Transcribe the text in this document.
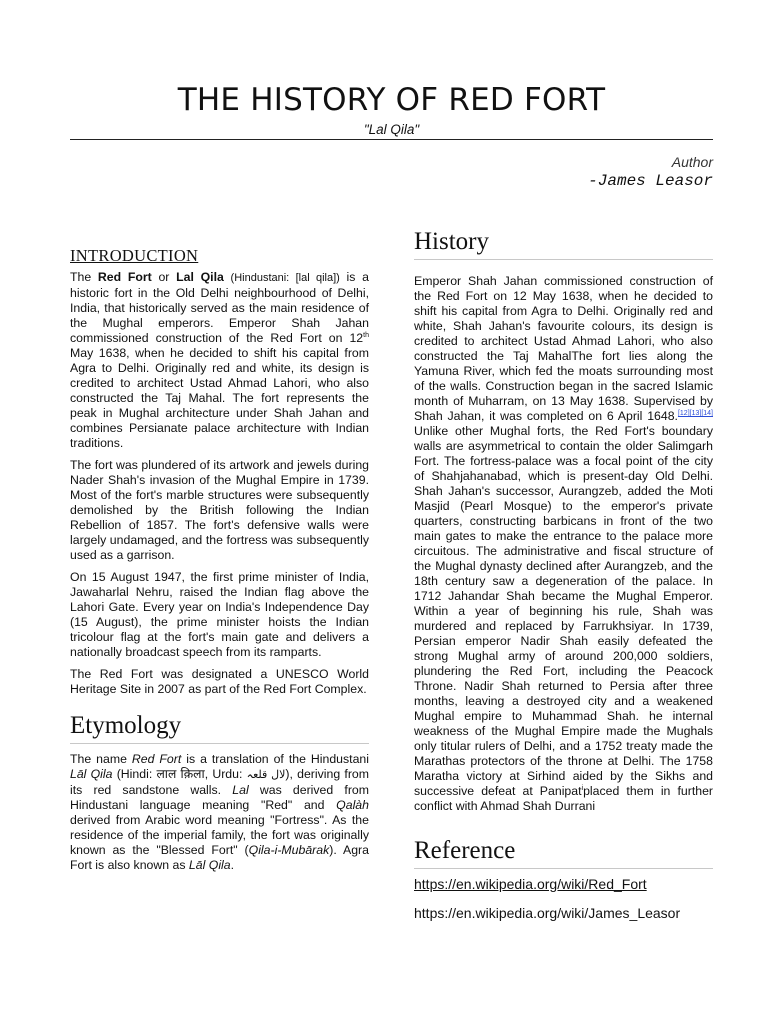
THE HISTORY OF RED FORT
"Lal Qila"
Author
-James Leasor
INTRODUCTION

The Red Fort or Lal Qila (Hindustani: [lal qila]) is a historic fort in the Old Delhi neighbourhood of Delhi, India, that historically served as the main residence of the Mughal emperors. Emperor Shah Jahan commissioned construction of the Red Fort on 12th May 1638, when he decided to shift his capital from Agra to Delhi. Originally red and white, its design is credited to architect Ustad Ahmad Lahori, who also constructed the Taj Mahal. The fort represents the peak in Mughal architecture under Shah Jahan and combines Persianate palace architecture with Indian traditions.

The fort was plundered of its artwork and jewels during Nader Shah's invasion of the Mughal Empire in 1739. Most of the fort's marble structures were subsequently demolished by the British following the Indian Rebellion of 1857. The fort's defensive walls were largely undamaged, and the fortress was subsequently used as a garrison.

On 15 August 1947, the first prime minister of India, Jawaharlal Nehru, raised the Indian flag above the Lahori Gate. Every year on India's Independence Day (15 August), the prime minister hoists the Indian tricolour flag at the fort's main gate and delivers a nationally broadcast speech from its ramparts.

The Red Fort was designated a UNESCO World Heritage Site in 2007 as part of the Red Fort Complex.

Etymology

The name Red Fort is a translation of the Hindustani Lāl Qila (Hindi: लाल क़िला, Urdu: لال قلعہ), deriving from its red sandstone walls. Lal was derived from Hindustani language meaning "Red" and Qalàh derived from Arabic word meaning "Fortress". As the residence of the imperial family, the fort was originally known as the "Blessed Fort" (Qila-i-Mubārak). Agra Fort is also known as Lāl Qila.

History

Emperor Shah Jahan commissioned construction of the Red Fort on 12 May 1638, when he decided to shift his capital from Agra to Delhi. Originally red and white, Shah Jahan's favourite colours, its design is credited to architect Ustad Ahmad Lahori, who also constructed the Taj MahalThe fort lies along the Yamuna River, which fed the moats surrounding most of the walls. Construction began in the sacred Islamic month of Muharram, on 13 May 1638. Supervised by Shah Jahan, it was completed on 6 April 1648.[12][13][14] Unlike other Mughal forts, the Red Fort's boundary walls are asymmetrical to contain the older Salimgarh Fort. The fortress-palace was a focal point of the city of Shahjahanabad, which is present-day Old Delhi. Shah Jahan's successor, Aurangzeb, added the Moti Masjid (Pearl Mosque) to the emperor's private quarters, constructing barbicans in front of the two main gates to make the entrance to the palace more circuitous. The administrative and fiscal structure of the Mughal dynasty declined after Aurangzeb, and the 18th century saw a degeneration of the palace. In 1712 Jahandar Shah became the Mughal Emperor. Within a year of beginning his rule, Shah was murdered and replaced by Farrukhsiyar. In 1739, Persian emperor Nadir Shah easily defeated the strong Mughal army of around 200,000 soldiers, plundering the Red Fort, including the Peacock Throne. Nadir Shah returned to Persia after three months, leaving a destroyed city and a weakened Mughal empire to Muhammad Shah. he internal weakness of the Mughal Empire made the Mughals only titular rulers of Delhi, and a 1752 treaty made the Marathas protectors of the throne at Delhi. The 1758 Maratha victory at Sirhind aided by the Sikhs and successive defeat at Panipat$^i$placed them in further conflict with Ahmad Shah Durrani

Reference
https://en.wikipedia.org/wiki/Red_Fort
https://en.wikipedia.org/wiki/James_Leasor
